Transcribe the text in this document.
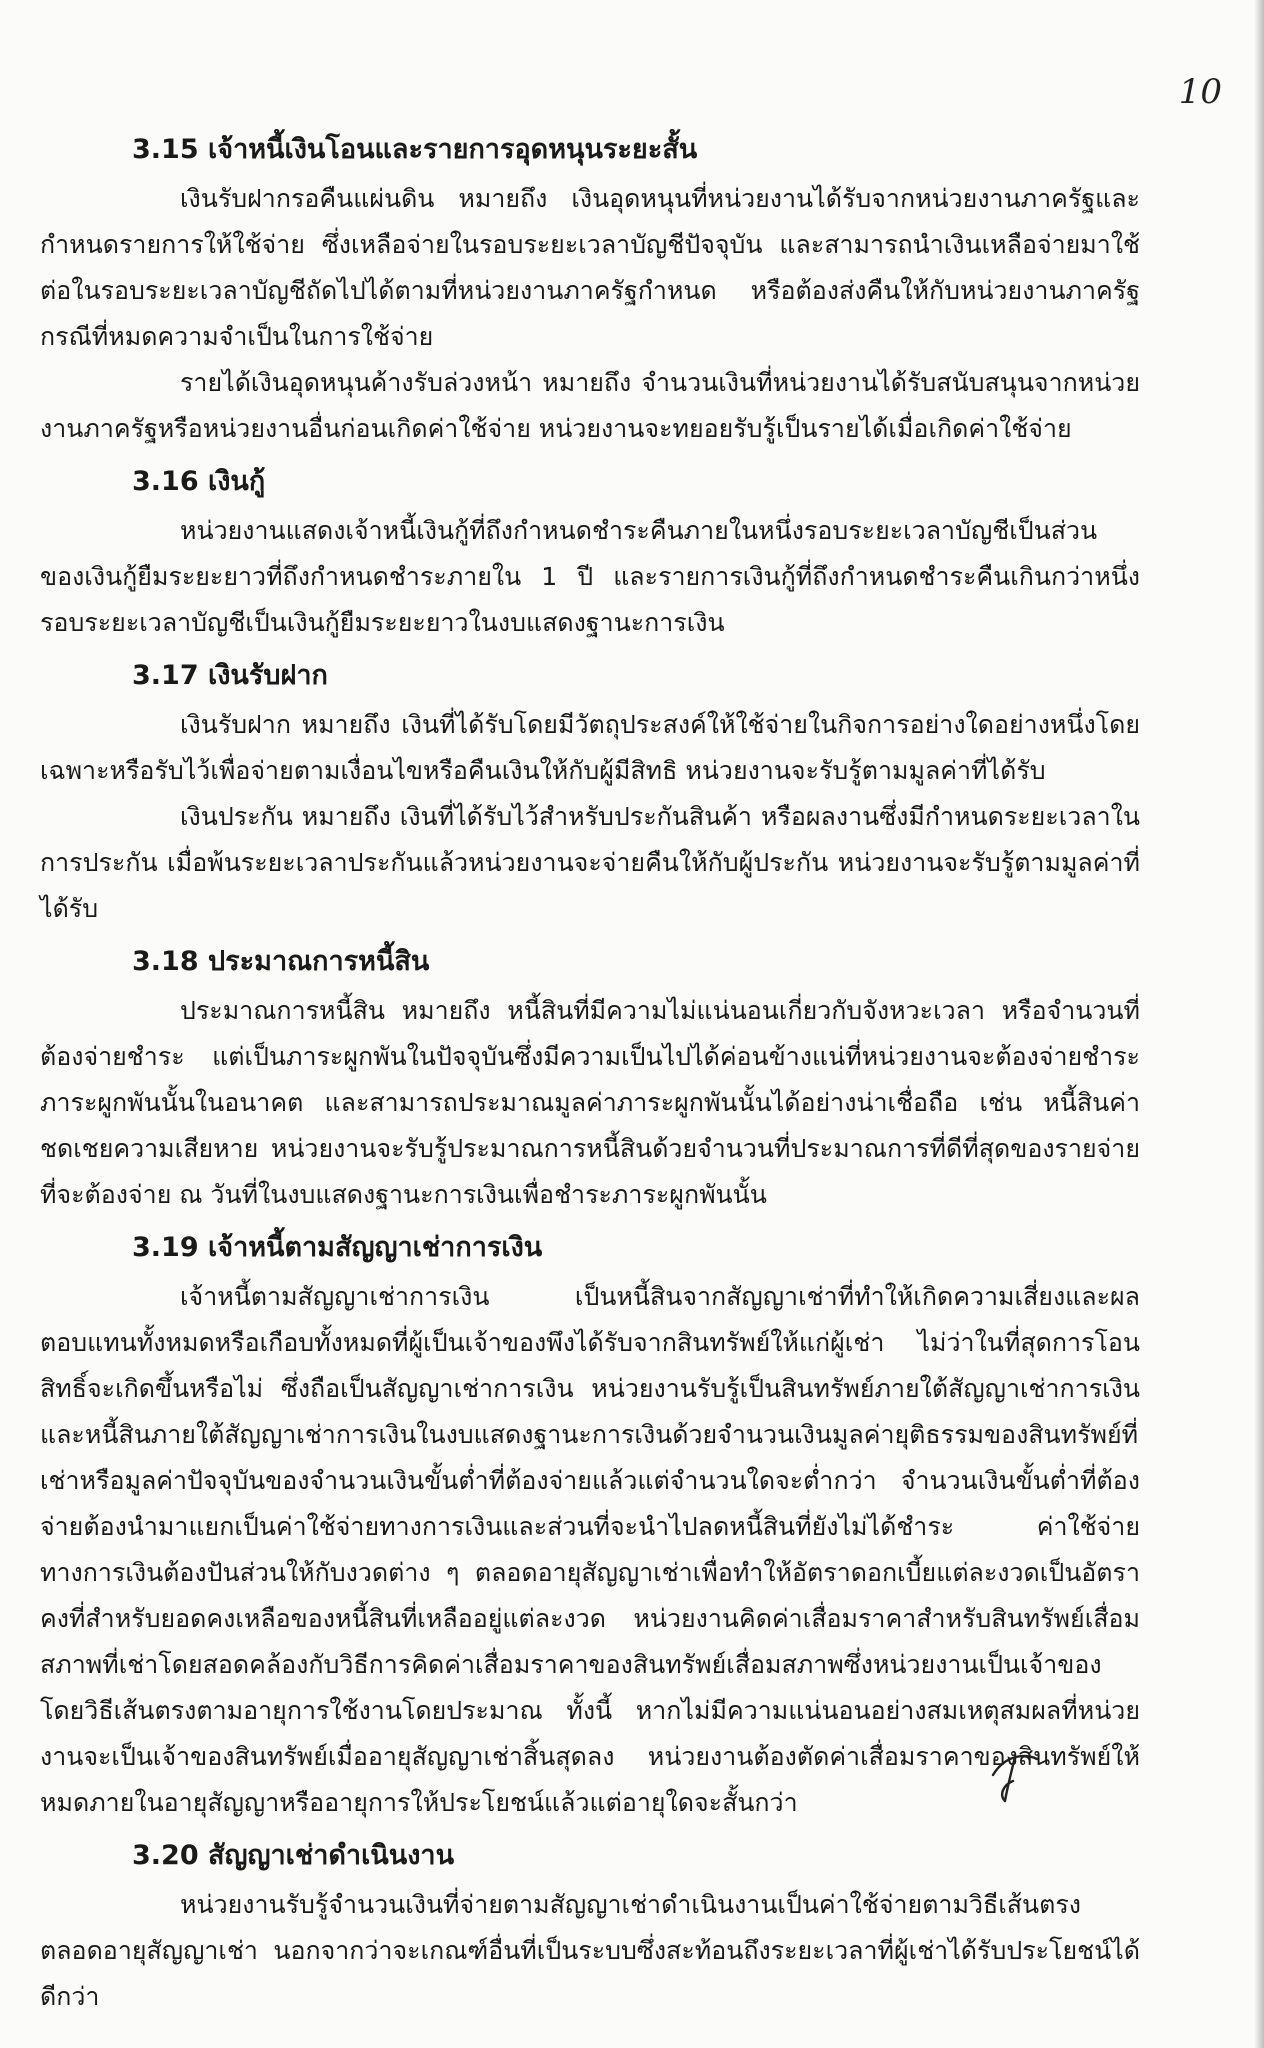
10
3.15 เจ้าหนี้เงินโอนและรายการอุดหนุนระยะสั้น

เงินรับฝากรอคืนแผ่นดิน หมายถึง เงินอุดหนุนที่หน่วยงานได้รับจากหน่วยงานภาครัฐและกำหนดรายการให้ใช้จ่าย ซึ่งเหลือจ่ายในรอบระยะเวลาบัญชีปัจจุบัน และสามารถนำเงินเหลือจ่ายมาใช้ต่อในรอบระยะเวลาบัญชีถัดไปได้ตามที่หน่วยงานภาครัฐกำหนด หรือต้องส่งคืนให้กับหน่วยงานภาครัฐกรณีที่หมดความจำเป็นในการใช้จ่าย

รายได้เงินอุดหนุนค้างรับล่วงหน้า หมายถึง จำนวนเงินที่หน่วยงานได้รับสนับสนุนจากหน่วยงานภาครัฐหรือหน่วยงานอื่นก่อนเกิดค่าใช้จ่าย หน่วยงานจะทยอยรับรู้เป็นรายได้เมื่อเกิดค่าใช้จ่าย

3.16 เงินกู้

หน่วยงานแสดงเจ้าหนี้เงินกู้ที่ถึงกำหนดชำระคืนภายในหนึ่งรอบระยะเวลาบัญชีเป็นส่วนของเงินกู้ยืมระยะยาวที่ถึงกำหนดชำระภายใน 1 ปี และรายการเงินกู้ที่ถึงกำหนดชำระคืนเกินกว่าหนึ่งรอบระยะเวลาบัญชีเป็นเงินกู้ยืมระยะยาวในงบแสดงฐานะการเงิน

3.17 เงินรับฝาก

เงินรับฝาก หมายถึง เงินที่ได้รับโดยมีวัตถุประสงค์ให้ใช้จ่ายในกิจการอย่างใดอย่างหนึ่งโดยเฉพาะหรือรับไว้เพื่อจ่ายตามเงื่อนไขหรือคืนเงินให้กับผู้มีสิทธิ หน่วยงานจะรับรู้ตามมูลค่าที่ได้รับ

เงินประกัน หมายถึง เงินที่ได้รับไว้สำหรับประกันสินค้า หรือผลงานซึ่งมีกำหนดระยะเวลาในการประกัน เมื่อพ้นระยะเวลาประกันแล้วหน่วยงานจะจ่ายคืนให้กับผู้ประกัน หน่วยงานจะรับรู้ตามมูลค่าที่ได้รับ

3.18 ประมาณการหนี้สิน

ประมาณการหนี้สิน หมายถึง หนี้สินที่มีความไม่แน่นอนเกี่ยวกับจังหวะเวลา หรือจำนวนที่ต้องจ่ายชำระ แต่เป็นภาระผูกพันในปัจจุบันซึ่งมีความเป็นไปได้ค่อนข้างแน่ที่หน่วยงานจะต้องจ่ายชำระภาระผูกพันนั้นในอนาคต และสามารถประมาณมูลค่าภาระผูกพันนั้นได้อย่างน่าเชื่อถือ เช่น หนี้สินค่าชดเชยความเสียหาย หน่วยงานจะรับรู้ประมาณการหนี้สินด้วยจำนวนที่ประมาณการที่ดีที่สุดของรายจ่ายที่จะต้องจ่าย ณ วันที่ในงบแสดงฐานะการเงินเพื่อชำระภาระผูกพันนั้น

3.19 เจ้าหนี้ตามสัญญาเช่าการเงิน

เจ้าหนี้ตามสัญญาเช่าการเงิน เป็นหนี้สินจากสัญญาเช่าที่ทำให้เกิดความเสี่ยงและผลตอบแทนทั้งหมดหรือเกือบทั้งหมดที่ผู้เป็นเจ้าของพึงได้รับจากสินทรัพย์ให้แก่ผู้เช่า ไม่ว่าในที่สุดการโอนสิทธิ์จะเกิดขึ้นหรือไม่ ซึ่งถือเป็นสัญญาเช่าการเงิน หน่วยงานรับรู้เป็นสินทรัพย์ภายใต้สัญญาเช่าการเงินและหนี้สินภายใต้สัญญาเช่าการเงินในงบแสดงฐานะการเงินด้วยจำนวนเงินมูลค่ายุติธรรมของสินทรัพย์ที่เช่าหรือมูลค่าปัจจุบันของจำนวนเงินขั้นต่ำที่ต้องจ่ายแล้วแต่จำนวนใดจะต่ำกว่า จำนวนเงินขั้นต่ำที่ต้องจ่ายต้องนำมาแยกเป็นค่าใช้จ่ายทางการเงินและส่วนที่จะนำไปลดหนี้สินที่ยังไม่ได้ชำระ ค่าใช้จ่ายทางการเงินต้องปันส่วนให้กับงวดต่าง ๆ ตลอดอายุสัญญาเช่าเพื่อทำให้อัตราดอกเบี้ยแต่ละงวดเป็นอัตราคงที่สำหรับยอดคงเหลือของหนี้สินที่เหลืออยู่แต่ละงวด หน่วยงานคิดค่าเสื่อมราคาสำหรับสินทรัพย์เสื่อมสภาพที่เช่าโดยสอดคล้องกับวิธีการคิดค่าเสื่อมราคาของสินทรัพย์เสื่อมสภาพซึ่งหน่วยงานเป็นเจ้าของโดยวิธีเส้นตรงตามอายุการใช้งานโดยประมาณ ทั้งนี้ หากไม่มีความแน่นอนอย่างสมเหตุสมผลที่หน่วยงานจะเป็นเจ้าของสินทรัพย์เมื่ออายุสัญญาเช่าสิ้นสุดลง หน่วยงานต้องตัดค่าเสื่อมราคาของสินทรัพย์ให้หมดภายในอายุสัญญาหรืออายุการให้ประโยชน์แล้วแต่อายุใดจะสั้นกว่า

3.20 สัญญาเช่าดำเนินงาน

หน่วยงานรับรู้จำนวนเงินที่จ่ายตามสัญญาเช่าดำเนินงานเป็นค่าใช้จ่ายตามวิธีเส้นตรงตลอดอายุสัญญาเช่า นอกจากว่าจะเกณฑ์อื่นที่เป็นระบบซึ่งสะท้อนถึงระยะเวลาที่ผู้เช่าได้รับประโยชน์ได้ดีกว่า
